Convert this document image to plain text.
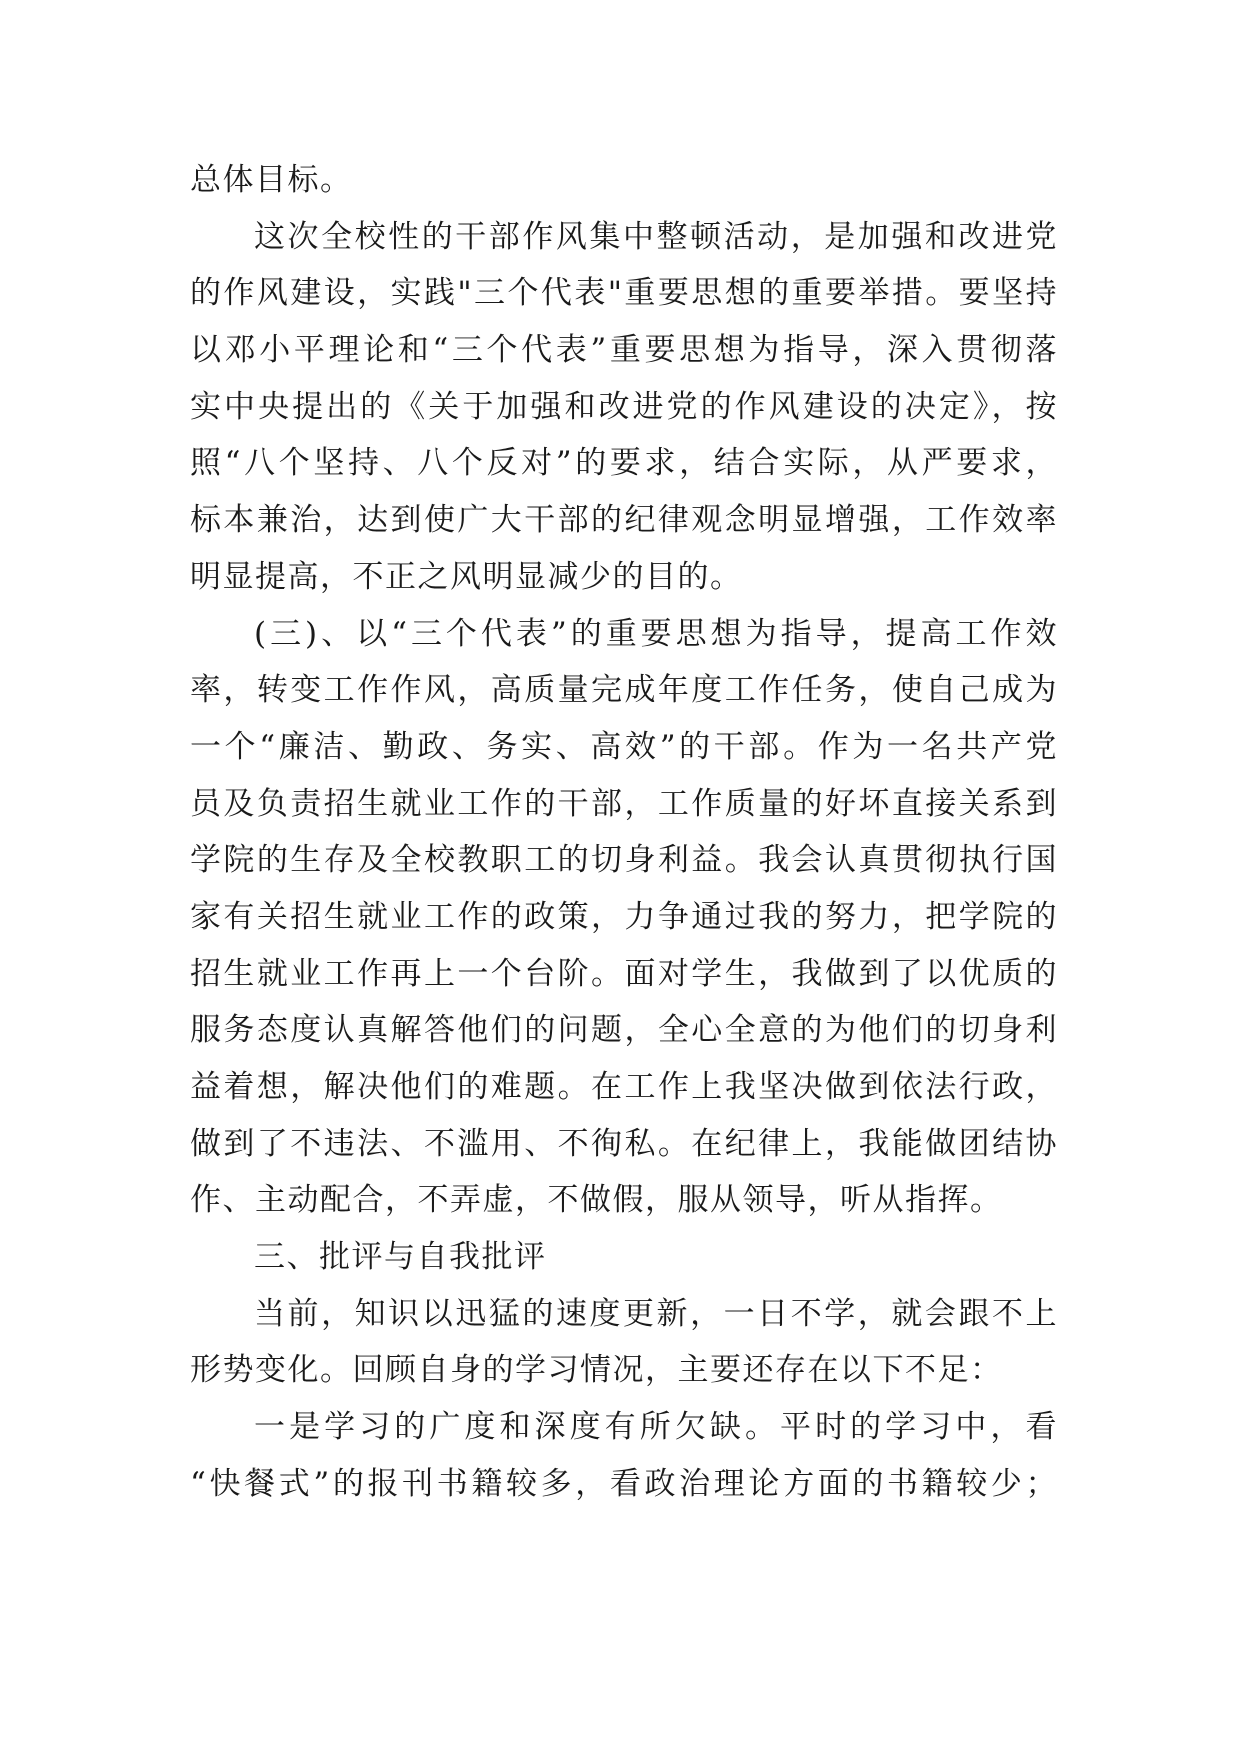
总体目标。
这次全校性的干部作风集中整顿活动，是加强和改进党
的作风建设，实践"三个代表"重要思想的重要举措。要坚持
以邓小平理论和“三个代表”重要思想为指导，深入贯彻落
实中央提出的《关于加强和改进党的作风建设的决定》，按
照“八个坚持、八个反对”的要求，结合实际，从严要求，
标本兼治，达到使广大干部的纪律观念明显增强，工作效率
明显提高，不正之风明显减少的目的。
(三)、以“三个代表”的重要思想为指导，提高工作效
率，转变工作作风，高质量完成年度工作任务，使自己成为
一个“廉洁、勤政、务实、高效”的干部。作为一名共产党
员及负责招生就业工作的干部，工作质量的好坏直接关系到
学院的生存及全校教职工的切身利益。我会认真贯彻执行国
家有关招生就业工作的政策，力争通过我的努力，把学院的
招生就业工作再上一个台阶。面对学生，我做到了以优质的
服务态度认真解答他们的问题，全心全意的为他们的切身利
益着想，解决他们的难题。在工作上我坚决做到依法行政，
做到了不违法、不滥用、不徇私。在纪律上，我能做团结协
作、主动配合，不弄虚，不做假，服从领导，听从指挥。
三、批评与自我批评
当前，知识以迅猛的速度更新，一日不学，就会跟不上
形势变化。回顾自身的学习情况，主要还存在以下不足：
一是学习的广度和深度有所欠缺。平时的学习中，看
“快餐式”的报刊书籍较多，看政治理论方面的书籍较少；
